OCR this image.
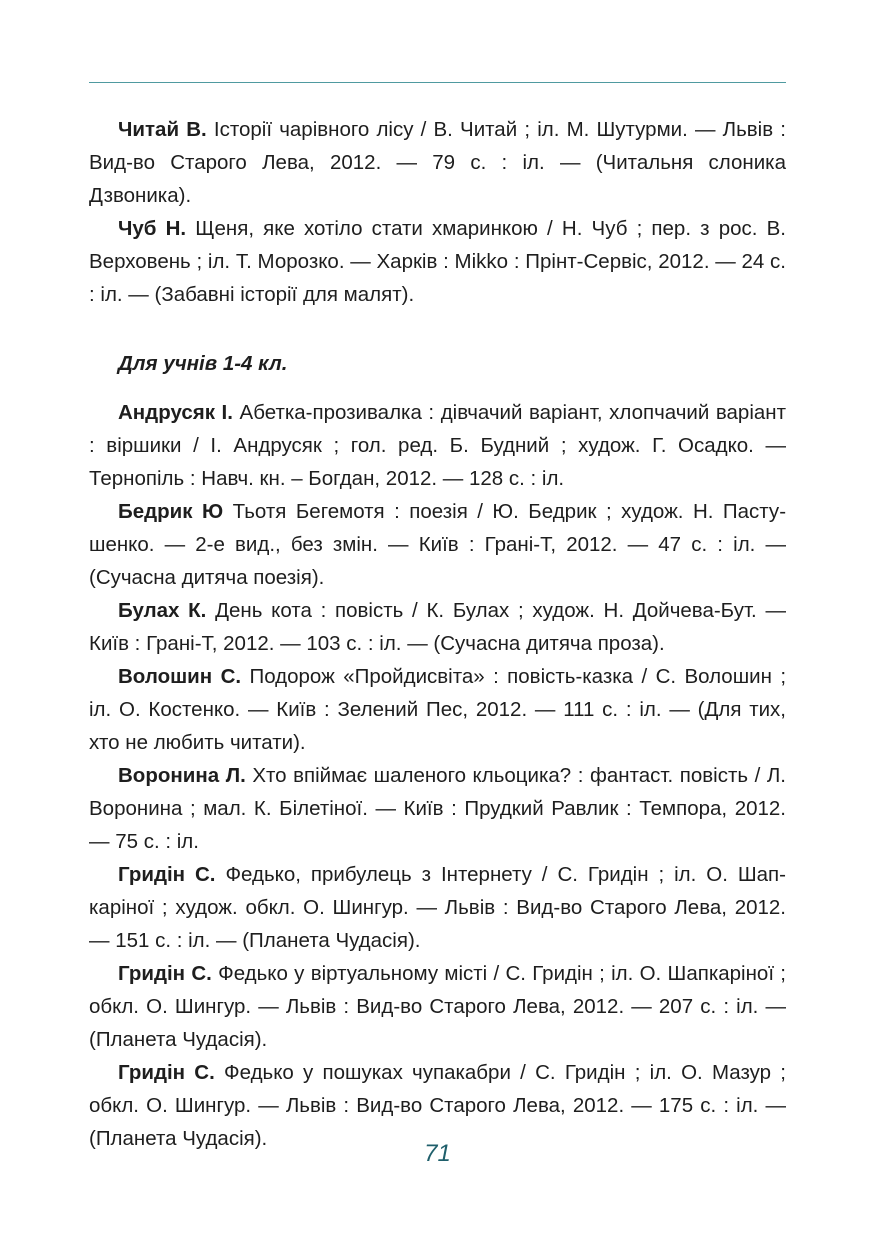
Читай В. Історії чарівного лісу / В. Читай ; іл. М. Шутурми. — Львів : Вид-во Старого Лева, 2012. — 79 с. : іл. — (Читальня слоника Дзвоника).

Чуб Н. Щеня, яке хотіло стати хмаринкою / Н. Чуб ; пер. з рос. В. Верховень ; іл. Т. Морозко. — Харків : Mikko : Прінт-Сервіс, 2012. — 24 с. : іл. — (Забавні історії для малят).

Для учнів 1-4 кл.

Андрусяк І. Абетка-прозивалка : дівчачий варіант, хлопчачий варіант : віршики / І. Андрусяк ; гол. ред. Б. Будний ; худож. Г. Осадко. — Тернопіль : Навч. кн. – Богдан, 2012. — 128 с. : іл.

Бедрик Ю Тьотя Бегемотя : поезія / Ю. Бедрик ; худож. Н. Пастушенко. — 2-е вид., без змін. — Київ : Грані-Т, 2012. — 47 с. : іл. — (Сучасна дитяча поезія).

Булах К. День кота : повість / К. Булах ; худож. Н. Дойчева-Бут. — Київ : Грані-Т, 2012. — 103 с. : іл. — (Сучасна дитяча проза).

Волошин С. Подорож «Пройдисвіта» : повість-казка / С. Волошин ; іл. О. Костенко. — Київ : Зелений Пес, 2012. — 111 с. : іл. — (Для тих, хто не любить читати).

Воронина Л. Хто впіймає шаленого кльоцика? : фантаст. повість / Л. Воронина ; мал. К. Білетіної. — Київ : Прудкий Равлик : Темпора, 2012. — 75 с. : іл.

Гридін С. Федько, прибулець з Інтернету / С. Гридін ; іл. О. Шапкаріної ; худож. обкл. О. Шингур. — Львів : Вид-во Старого Лева, 2012. — 151 с. : іл. — (Планета Чудасія).

Гридін С. Федько у віртуальному місті / С. Гридін ; іл. О. Шапкаріної ; обкл. О. Шингур. — Львів : Вид-во Старого Лева, 2012. — 207 с. : іл. — (Планета Чудасія).

Гридін С. Федько у пошуках чупакабри / С. Гридін ; іл. О. Мазур ; обкл. О. Шингур. — Львів : Вид-во Старого Лева, 2012. — 175 с. : іл. — (Планета Чудасія).

71
